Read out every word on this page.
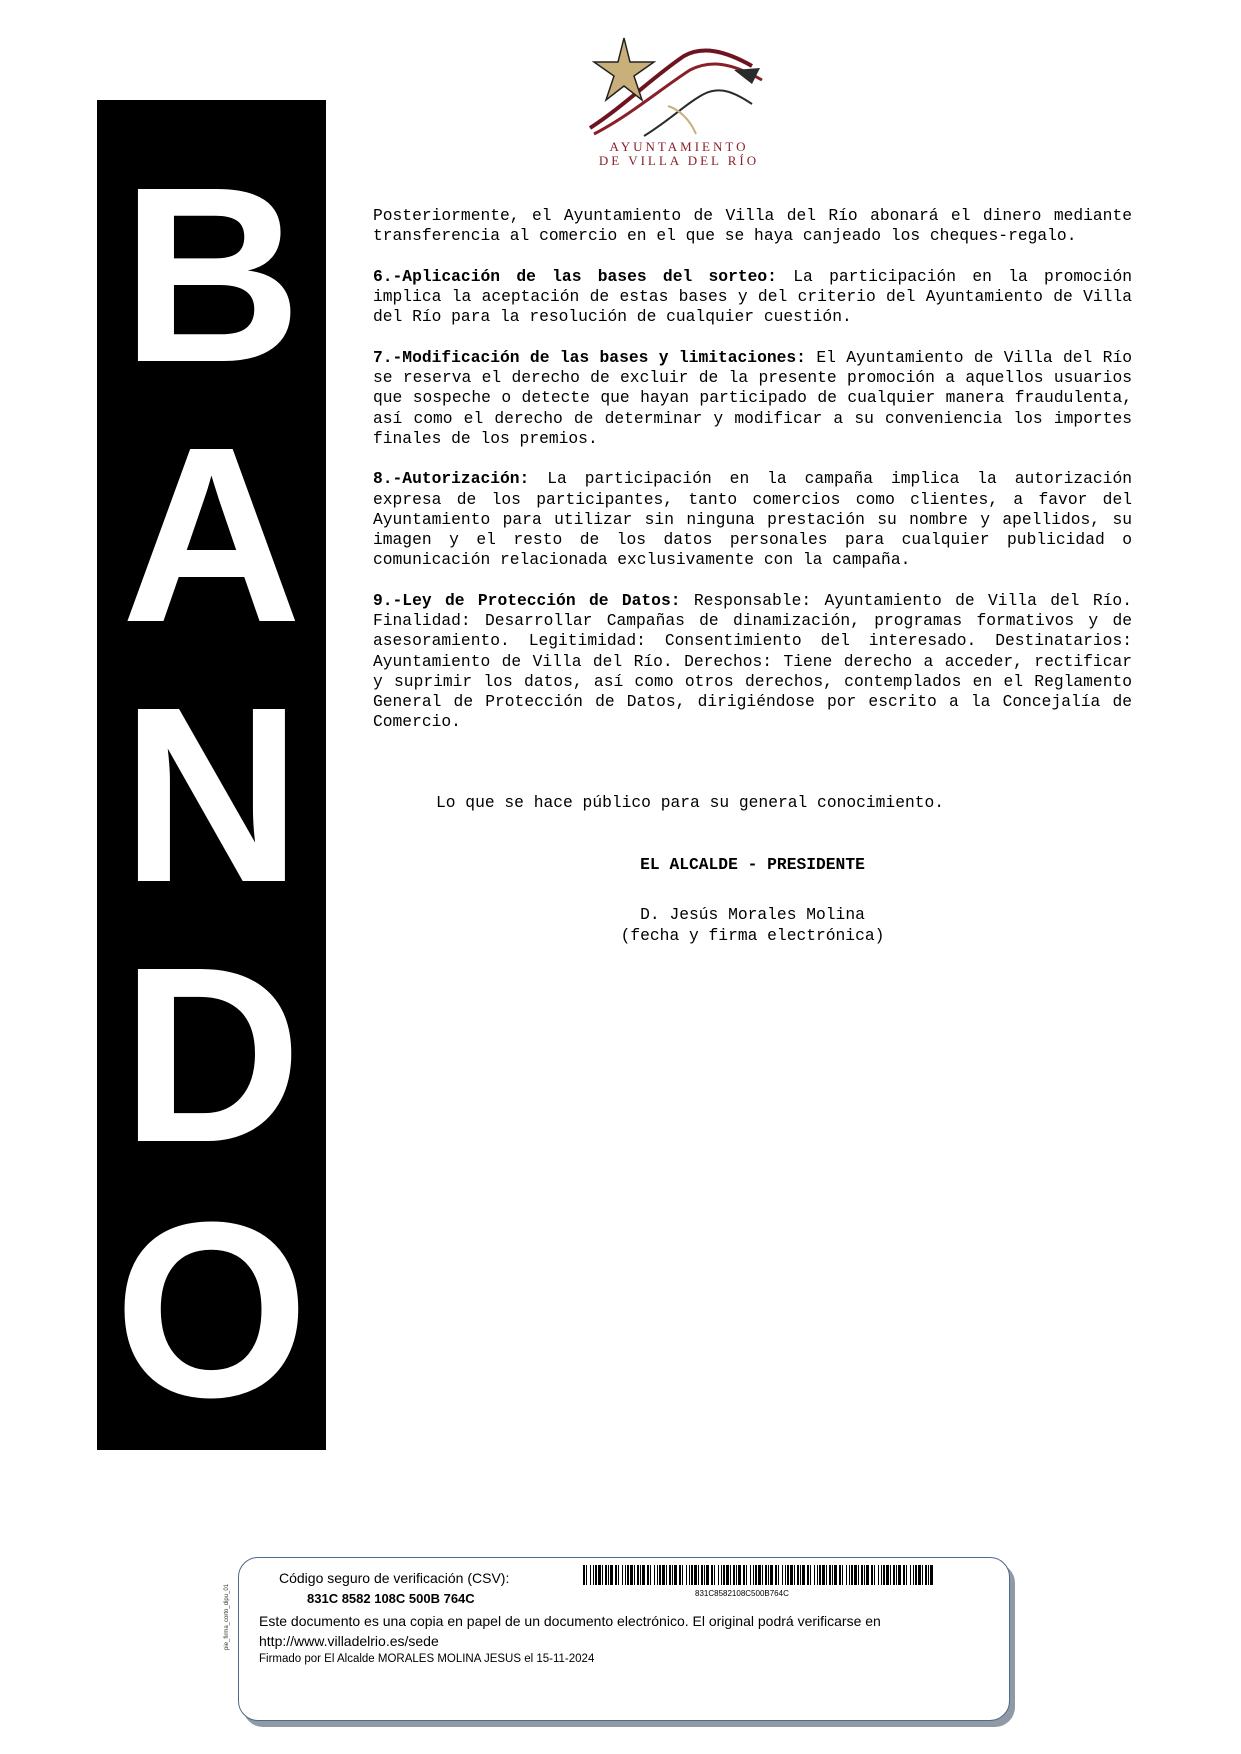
B
A
N
D
O
AYUNTAMIENTO
DE VILLA DEL RÍO

Posteriormente, el Ayuntamiento de Villa del Río abonará el dinero mediante transferencia al comercio en el que se haya canjeado los cheques-regalo.

6.-Aplicación de las bases del sorteo: La participación en la promoción implica la aceptación de estas bases y del criterio del Ayuntamiento de Villa del Río para la resolución de cualquier cuestión.

7.-Modificación de las bases y limitaciones: El Ayuntamiento de Villa del Río se reserva el derecho de excluir de la presente promoción a aquellos usuarios que sospeche o detecte que hayan participado de cualquier manera fraudulenta, así como el derecho de determinar y modificar a su conveniencia los importes finales de los premios.

8.-Autorización: La participación en la campaña implica la autorización expresa de los participantes, tanto comercios como clientes, a favor del Ayuntamiento para utilizar sin ninguna prestación su nombre y apellidos, su imagen y el resto de los datos personales para cualquier publicidad o comunicación relacionada exclusivamente con la campaña.

9.-Ley de Protección de Datos: Responsable: Ayuntamiento de Villa del Río. Finalidad: Desarrollar Campañas de dinamización, programas formativos y de asesoramiento. Legitimidad: Consentimiento del interesado. Destinatarios: Ayuntamiento de Villa del Río. Derechos: Tiene derecho a acceder, rectificar y suprimir los datos, así como otros derechos, contemplados en el Reglamento General de Protección de Datos, dirigiéndose por escrito a la Concejalía de Comercio.

Lo que se hace público para su general conocimiento.
EL ALCALDE - PRESIDENTE
D. Jesús Morales Molina
(fecha y firma electrónica)
pie_firma_corto_dipu_01
Código seguro de verificación (CSV):
831C 8582 108C 500B 764C	831C8582108C500B764C
Este documento es una copia en papel de un documento electrónico. El original podrá verificarse en http://www.villadelrio.es/sede
Firmado por El Alcalde MORALES MOLINA JESUS el 15-11-2024
